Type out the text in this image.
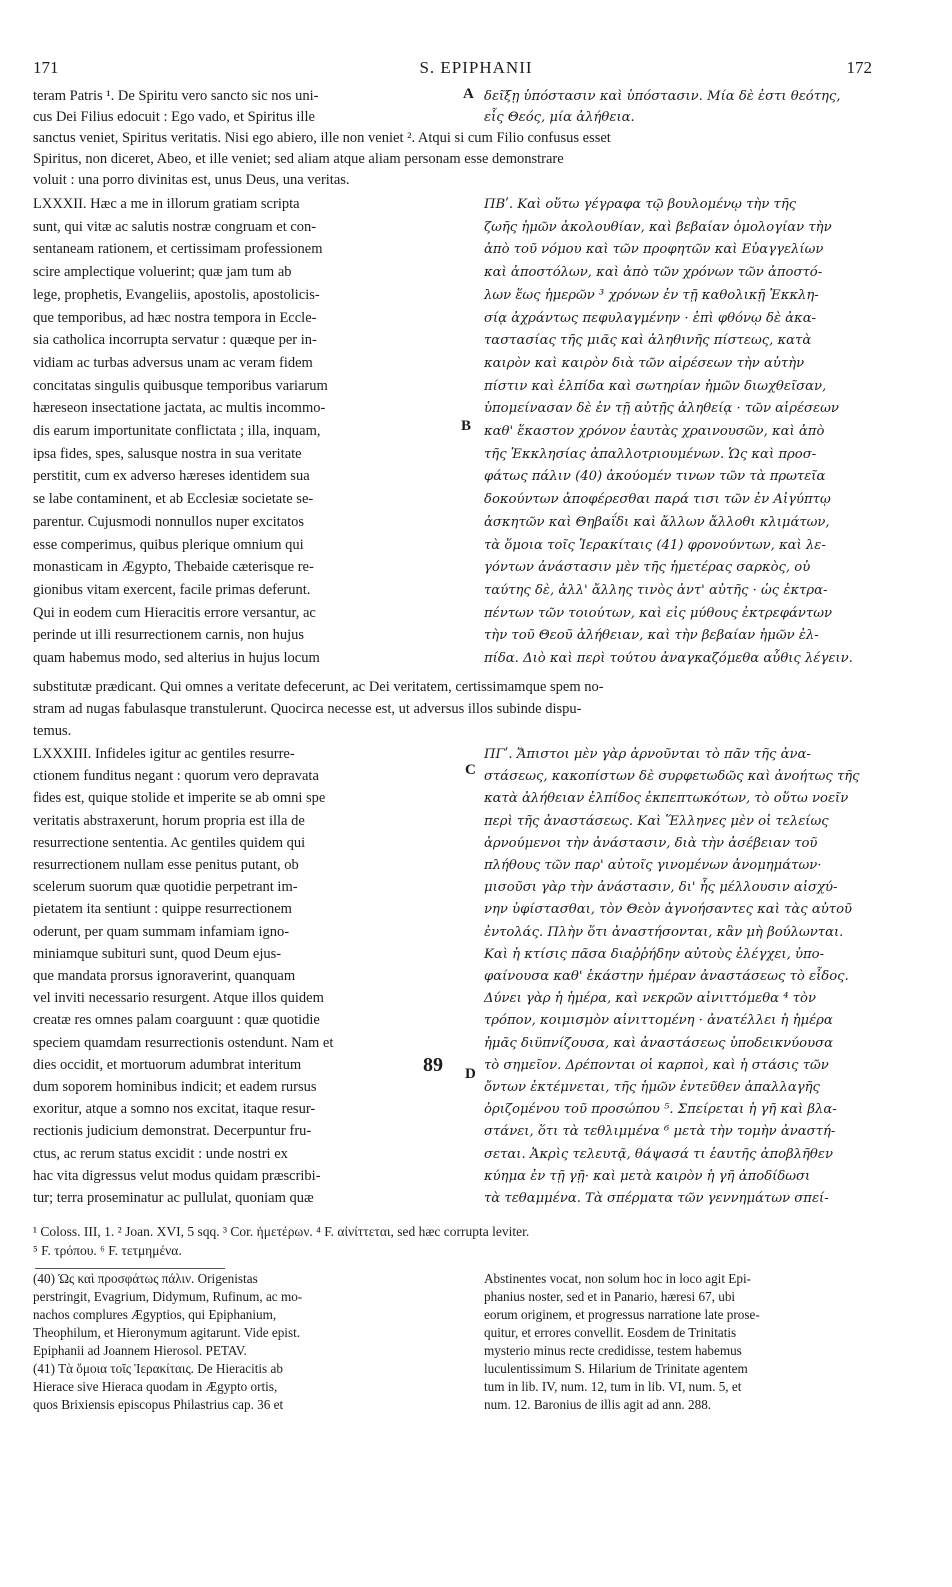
171	S. EPIPHANII	172
teram Patris ¹. De Spiritu vero sancto sic nos uni-
cus Dei Filius edocuit : Ego vado, et Spiritus ille
sanctus veniet, Spiritus veritatis. Nisi ego abiero, ille non veniet ². Atqui si cum Filio confusus esset
Spiritus, non diceret, Abeo, et ille veniet; sed aliam atque aliam personam esse demonstrare
voluit : una porro divinitas est, unus Deus, una veritas.
δεῖξῃ ὑπόστασιν καὶ ὑπόστασιν. Μία δὲ ἐστι θεότης,
εἷς Θεός, μία ἀλήθεια.
LXXXII. Hæc a me in illorum gratiam scripta
sunt, qui vitæ ac salutis nostræ congruam et con-
sentaneam rationem, et certissimam professionem
scire amplectique voluerint; quæ jam tum ab
lege, prophetis, Evangeliis, apostolis, apostolicis-
que temporibus, ad hæc nostra tempora in Eccle-
sia catholica incorrupta servatur : quæque per in-
vidiam ac turbas adversus unam ac veram fidem
concitatas singulis quibusque temporibus variarum
hæreseon insectatione jactata, ac multis incommo-
dis earum importunitate conflictata ; illa, inquam,
ipsa fides, spes, salusque nostra in sua veritate
perstitit, cum ex adverso hæreses identidem sua
se labe contaminent, et ab Ecclesiæ societate se-
parentur. Cujusmodi nonnullos nuper excitatos
esse comperimus, quibus plerique omnium qui
monasticam in Ægypto, Thebaide cæterisque re-
gionibus vitam exercent, facile primas deferunt.
Qui in eodem cum Hieracitis errore versantur, ac
perinde ut illi resurrectionem carnis, non hujus
quam habemus modo, sed alterius in hujus locum
ΠΒʹ. Καὶ οὕτω γέγραφα τῷ βουλομένῳ τὴν τῆς
ζωῆς ἡμῶν ἀκολουθίαν, καὶ βεβαίαν ὁμολογίαν τὴν
ἀπὸ τοῦ νόμου καὶ τῶν προφητῶν καὶ Εὐαγγελίων
καὶ ἀποστόλων, καὶ ἀπὸ τῶν χρόνων τῶν ἀποστό-
λων ἕως ἡμερῶν ³ χρόνων ἐν τῇ καθολικῇ Ἐκκλη-
σίᾳ ἀχράντως πεφυλαγμένην · ἐπὶ φθόνῳ δὲ ἀκα-
ταστασίας τῆς μιᾶς καὶ ἀληθινῆς πίστεως, κατὰ
καιρὸν καὶ καιρὸν διὰ τῶν αἱρέσεων τὴν αὐτὴν
πίστιν καὶ ἐλπίδα καὶ σωτηρίαν ἡμῶν διωχθεῖσαν,
ὑπομείνασαν δὲ ἐν τῇ αὐτῇς ἀληθείᾳ · τῶν αἱρέσεων
καθ' ἕκαστον χρόνον ἑαυτὰς χραινουσῶν, καὶ ἀπὸ
τῆς Ἐκκλησίας ἀπαλλοτριουμένων. Ὡς καὶ προσ-
φάτως πάλιν (40) ἀκούομέν τινων τῶν τὰ πρωτεῖα
δοκούντων ἀποφέρεσθαι παρά τισι τῶν ἐν Αἰγύπτῳ
ἀσκητῶν καὶ Θηβαΐδι καὶ ἄλλων ἄλλοθι κλιμάτων,
τὰ ὅμοια τοῖς Ἱερακίταις (41) φρονούντων, καὶ λε-
γόντων ἀνάστασιν μὲν τῆς ἡμετέρας σαρκὸς, οὐ
ταύτης δὲ, ἀλλ' ἄλλης τινὸς ἀντ' αὐτῆς · ὡς ἐκτρα-
πέντων τῶν τοιούτων, καὶ εἰς μύθους ἐκτρεφάντων
τὴν τοῦ Θεοῦ ἀλήθειαν, καὶ τὴν βεβαίαν ἡμῶν ἐλ-
πίδα. Διὸ καὶ περὶ τούτου ἀναγκαζόμεθα αὖθις λέγειν.
substitutæ prædicant. Qui omnes a veritate defecerunt, ac Dei veritatem, certissimamque spem no-
stram ad nugas fabulasque transtulerunt. Quocirca necesse est, ut adversus illos subinde dispu-
temus.
LXXXIII. Infideles igitur ac gentiles resurre-
ctionem funditus negant : quorum vero depravata
fides est, quique stolide et imperite se ab omni spe
veritatis abstraxerunt, horum propria est illa de
resurrectione sententia. Ac gentiles quidem qui
resurrectionem nullam esse penitus putant, ob
scelerum suorum quæ quotidie perpetrant im-
pietatem ita sentiunt : quippe resurrectionem
oderunt, per quam summam infamiam igno-
miniamque subituri sunt, quod Deum ejus-
que mandata prorsus ignoraverint, quanquam
vel inviti necessario resurgent. Atque illos quidem
creatæ res omnes palam coarguunt : quæ quotidie
speciem quamdam resurrectionis ostendunt. Nam et
dies occidit, et mortuorum adumbrat interitum
dum soporem hominibus indicit; et eadem rursus
exoritur, atque a somno nos excitat, itaque resur-
rectionis judicium demonstrat. Decerpuntur fru-
ctus, ac rerum status excidit : unde nostri ex
hac vita digressus velut modus quidam præscribi-
tur; terra proseminatur ac pullulat, quoniam quæ
ΠΓʹ. Ἄπιστοι μὲν γὰρ ἀρνοῦνται τὸ πᾶν τῆς ἀνα-
στάσεως, κακοπίστων δὲ συρφετωδῶς καὶ ἀνοήτως τῆς
κατὰ ἀλήθειαν ἐλπίδος ἐκπεπτωκότων, τὸ οὕτω νοεῖν
περὶ τῆς ἀναστάσεως. Καὶ Ἕλληνες μὲν οἱ τελείως
ἀρνούμενοι τὴν ἀνάστασιν, διὰ τὴν ἀσέβειαν τοῦ
πλήθους τῶν παρ' αὐτοῖς γινομένων ἀνομημάτων·
μισοῦσι γὰρ τὴν ἀνάστασιν, δι' ἧς μέλλουσιν αἰσχύ-
νην ὑφίστασθαι, τὸν Θεὸν ἀγνοήσαντες καὶ τὰς αὐτοῦ
ἐντολάς. Πλὴν ὅτι ἀναστήσονται, κἂν μὴ βούλωνται.
Καὶ ἡ κτίσις πᾶσα διαῤῥήδην αὐτοὺς ἐλέγχει, ὑπο-
φαίνουσα καθ' ἑκάστην ἡμέραν ἀναστάσεως τὸ εἶδος.
Δύνει γὰρ ἡ ἡμέρα, καὶ νεκρῶν αἰνιττόμεθα ⁴ τὸν
τρόπον, κοιμισμὸν αἰνιττομένη · ἀνατέλλει ἡ ἡμέρα
ἡμᾶς διϋπνίζουσα, καὶ ἀναστάσεως ὑποδεικνύουσα
τὸ σημεῖον. Δρέπονται οἱ καρποὶ, καὶ ἡ στάσις τῶν
ὄντων ἐκτέμνεται, τῆς ἡμῶν ἐντεῦθεν ἀπαλλαγῆς
ὁριζομένου τοῦ προσώπου ⁵. Σπείρεται ἡ γῆ καὶ βλα-
στάνει, ὅτι τὰ τεθλιμμένα ⁶ μετὰ τὴν τομὴν ἀναστή-
σεται. Ἀκρὶς τελευτᾷ, θάψασά τι ἑαυτῆς ἀποβλῆθεν
κύημα ἐν τῇ γῇ· καὶ μετὰ καιρὸν ἡ γῆ ἀποδίδωσι
τὰ τεθαμμένα. Τὰ σπέρματα τῶν γεννημάτων σπεί-
A
B
C
D
89
¹ Coloss. III, 1. ² Joan. XVI, 5 sqq. ³ Cor. ἡμετέρων. ⁴ F. αἰνίττεται, sed hæc corrupta leviter.
⁵ F. τρόπου. ⁶ F. τετμημένα.
(40) Ὡς καὶ προσφάτως πάλιν. Origenistas
perstringit, Evagrium, Didymum, Rufinum, ac mo-
nachos complures Ægyptios, qui Epiphanium,
Theophilum, et Hieronymum agitarunt. Vide epist.
Epiphanii ad Joannem Hierosol. PETAV.
(41) Τὰ ὅμοια τοῖς Ἱερακίταις. De Hieracitis ab
Hierace sive Hieraca quodam in Ægypto ortis,
quos Brixiensis episcopus Philastrius cap. 36 et
Abstinentes vocat, non solum hoc in loco agit Epi-
phanius noster, sed et in Panario, hæresi 67, ubi
eorum originem, et progressus narratione late prose-
quitur, et errores convellit. Eosdem de Trinitatis
mysterio minus recte credidisse, testem habemus
luculentissimum S. Hilarium de Trinitate agentem
tum in lib. IV, num. 12, tum in lib. VI, num. 5, et
num. 12. Baronius de illis agit ad ann. 288.
